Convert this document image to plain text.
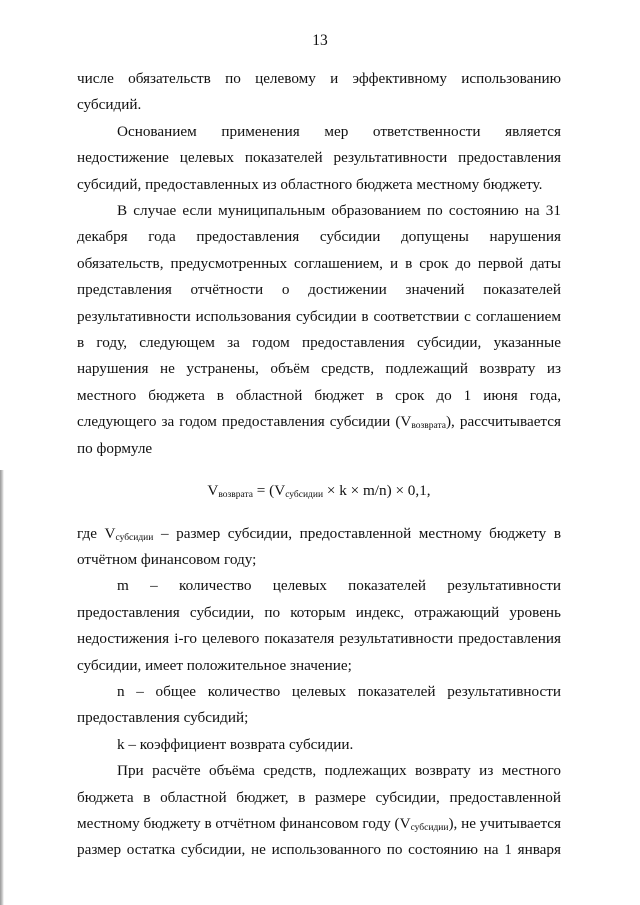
13

числе обязательств по целевому и эффективному использованию субсидий.

Основанием применения мер ответственности является недостижение целевых показателей результативности предоставления субсидий, предоставленных из областного бюджета местному бюджету.

В случае если муниципальным образованием по состоянию на 31 декабря года предоставления субсидии допущены нарушения обязательств, предусмотренных соглашением, и в срок до первой даты представления отчётности о достижении значений показателей результативности использования субсидии в соответствии с соглашением в году, следующем за годом предоставления субсидии, указанные нарушения не устранены, объём средств, подлежащий возврату из местного бюджета в областной бюджет в срок до 1 июня года, следующего за годом предоставления субсидии $(V_{возврата})$, рассчитывается по формуле

$V_{возврата} = (V_{субсидии} \times k \times m/n) \times 0,1$,

где $V_{субсидии}$ – размер субсидии, предоставленной местному бюджету в отчётном финансовом году;

m – количество целевых показателей результативности предоставления субсидии, по которым индекс, отражающий уровень недостижения i-го целевого показателя результативности предоставления субсидии, имеет положительное значение;

n – общее количество целевых показателей результативности предоставления субсидий;

k – коэффициент возврата субсидии.

При расчёте объёма средств, подлежащих возврату из местного бюджета в областной бюджет, в размере субсидии, предоставленной местному бюджету в отчётном финансовом году $(V_{субсидии})$, не учитывается размер остатка субсидии, не использованного по состоянию на 1 января
